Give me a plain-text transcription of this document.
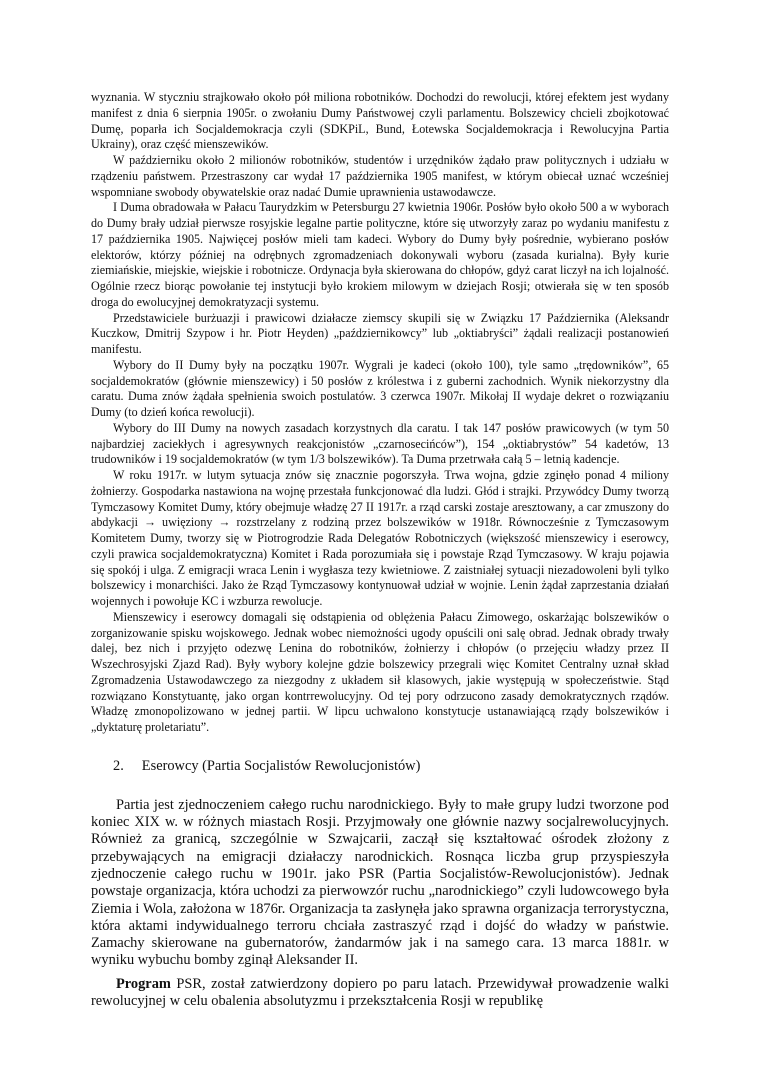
wyznania. W styczniu strajkowało około pół miliona robotników. Dochodzi do rewolucji, której efektem jest wydany manifest z dnia 6 sierpnia 1905r. o zwołaniu Dumy Państwowej czyli parlamentu. Bolszewicy chcieli zbojkotować Dumę, poparła ich Socjaldemokracja czyli (SDKPiL, Bund, Łotewska Socjaldemokracja i Rewolucyjna Partia Ukrainy), oraz część mienszewików.

W październiku około 2 milionów robotników, studentów i urzędników żądało praw politycznych i udziału w rządzeniu państwem. Przestraszony car wydał 17 października 1905 manifest, w którym obiecał uznać wcześniej wspomniane swobody obywatelskie oraz nadać Dumie uprawnienia ustawodawcze.

I Duma obradowała w Pałacu Taurydzkim w Petersburgu 27 kwietnia 1906r. Posłów było około 500 a w wyborach do Dumy brały udział pierwsze rosyjskie legalne partie polityczne, które się utworzyły zaraz po wydaniu manifestu z 17 października 1905. Najwięcej posłów mieli tam kadeci. Wybory do Dumy były pośrednie, wybierano posłów elektorów, którzy później na odrębnych zgromadzeniach dokonywali wyboru (zasada kurialna). Były kurie ziemiańskie, miejskie, wiejskie i robotnicze. Ordynacja była skierowana do chłopów, gdyż carat liczył na ich lojalność. Ogólnie rzecz biorąc powołanie tej instytucji było krokiem milowym w dziejach Rosji; otwierała się w ten sposób droga do ewolucyjnej demokratyzacji systemu.

Przedstawiciele burżuazji i prawicowi działacze ziemscy skupili się w Związku 17 Października (Aleksandr Kuczkow, Dmitrij Szypow i hr. Piotr Heyden) „październikowcy” lub „oktiabryści” żądali realizacji postanowień manifestu.

Wybory do II Dumy były na początku 1907r. Wygrali je kadeci (około 100), tyle samo „trędowników”, 65 socjaldemokratów (głównie mienszewicy) i 50 posłów z królestwa i z guberni zachodnich. Wynik niekorzystny dla caratu. Duma znów żądała spełnienia swoich postulatów. 3 czerwca 1907r. Mikołaj II wydaje dekret o rozwiązaniu Dumy (to dzień końca rewolucji).

Wybory do III Dumy na nowych zasadach korzystnych dla caratu. I tak 147 posłów prawicowych (w tym 50 najbardziej zaciekłych i agresywnych reakcjonistów „czarnosecińców”), 154 „oktiabrystów” 54 kadetów, 13 trudowników i 19 socjaldemokratów (w tym 1/3 bolszewików). Ta Duma przetrwała całą 5 – letnią kadencje.

W roku 1917r. w lutym sytuacja znów się znacznie pogorszyła. Trwa wojna, gdzie zginęło ponad 4 miliony żołnierzy. Gospodarka nastawiona na wojnę przestała funkcjonować dla ludzi. Głód i strajki. Przywódcy Dumy tworzą Tymczasowy Komitet Dumy, który obejmuje władzę 27 II 1917r. a rząd carski zostaje aresztowany, a car zmuszony do abdykacji → uwięziony → rozstrzelany z rodziną przez bolszewików w 1918r. Równocześnie z Tymczasowym Komitetem Dumy, tworzy się w Piotrogrodzie Rada Delegatów Robotniczych (większość mienszewicy i eserowcy, czyli prawica socjaldemokratyczna) Komitet i Rada porozumiała się i powstaje Rząd Tymczasowy. W kraju pojawia się spokój i ulga. Z emigracji wraca Lenin i wygłasza tezy kwietniowe. Z zaistniałej sytuacji niezadowoleni byli tylko bolszewicy i monarchiści. Jako że Rząd Tymczasowy kontynuował udział w wojnie. Lenin żądał zaprzestania działań wojennych i powołuje KC i wzburza rewolucje.

Mienszewicy i eserowcy domagali się odstąpienia od oblężenia Pałacu Zimowego, oskarżając bolszewików o zorganizowanie spisku wojskowego. Jednak wobec niemożności ugody opuścili oni salę obrad. Jednak obrady trwały dalej, bez nich i przyjęto odezwę Lenina do robotników, żołnierzy i chłopów (o przejęciu władzy przez II Wszechrosyjski Zjazd Rad). Były wybory kolejne gdzie bolszewicy przegrali więc Komitet Centralny uznał skład Zgromadzenia Ustawodawczego za niezgodny z układem sił klasowych, jakie występują w społeczeństwie. Stąd rozwiązano Konstytuantę, jako organ kontrrewolucyjny. Od tej pory odrzucono zasady demokratycznych rządów. Władzę zmonopolizowano w jednej partii. W lipcu uchwalono konstytucje ustanawiającą rządy bolszewików i „dyktaturę proletariatu”.

2. Eserowcy (Partia Socjalistów Rewolucjonistów)

Partia jest zjednoczeniem całego ruchu narodnickiego. Były to małe grupy ludzi tworzone pod koniec XIX w. w różnych miastach Rosji. Przyjmowały one głównie nazwy socjalrewolucyjnych. Również za granicą, szczególnie w Szwajcarii, zaczął się kształtować ośrodek złożony z przebywających na emigracji działaczy narodnickich. Rosnąca liczba grup przyspieszyła zjednoczenie całego ruchu w 1901r. jako PSR (Partia Socjalistów-Rewolucjonistów). Jednak powstaje organizacja, która uchodzi za pierwowzór ruchu „narodnickiego” czyli ludowcowego była Ziemia i Wola, założona w 1876r. Organizacja ta zasłynęła jako sprawna organizacja terrorystyczna, która aktami indywidualnego terroru chciała zastraszyć rząd i dojść do władzy w państwie. Zamachy skierowane na gubernatorów, żandarmów jak i na samego cara. 13 marca 1881r. w wyniku wybuchu bomby zginął Aleksander II.

Program PSR, został zatwierdzony dopiero po paru latach. Przewidywał prowadzenie walki rewolucyjnej w celu obalenia absolutyzmu i przekształcenia Rosji w republikę
